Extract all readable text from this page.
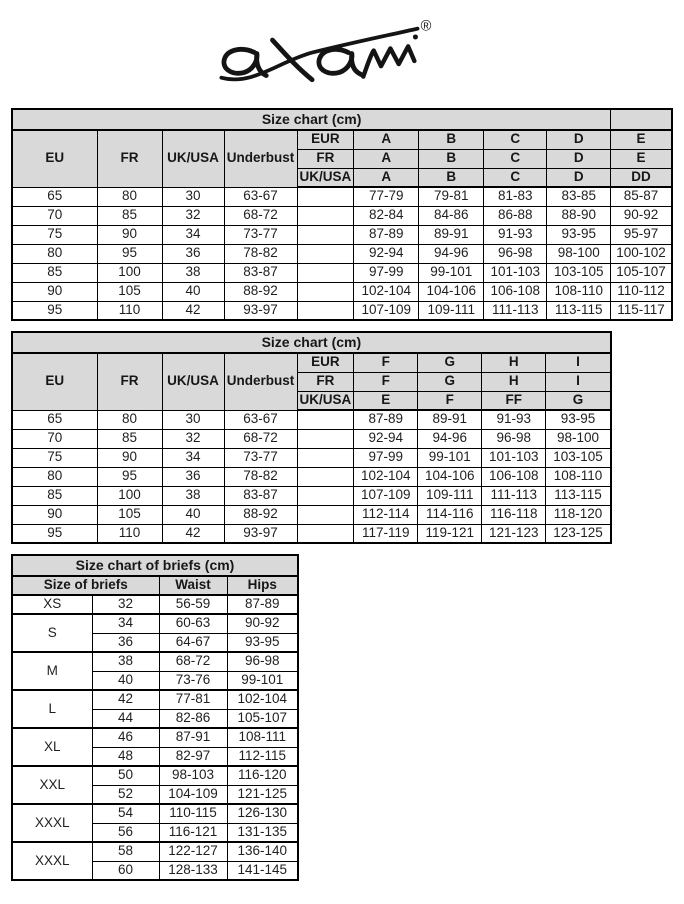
®
Size chart (cm)									
EU	FR	UK/USA	Underbust	EUR	A	B	C	D	E
				FR	A	B	C	D	E
				UK/USA	A	B	C	D	DD
65	80	30	63-67		77-79	79-81	81-83	83-85	85-87
70	85	32	68-72		82-84	84-86	86-88	88-90	90-92
75	90	34	73-77		87-89	89-91	91-93	93-95	95-97
80	95	36	78-82		92-94	94-96	96-98	98-100	100-102
85	100	38	83-87		97-99	99-101	101-103	103-105	105-107
90	105	40	88-92		102-104	104-106	106-108	108-110	110-112
95	110	42	93-97		107-109	109-111	111-113	113-115	115-117
Size chart (cm)								
EU	FR	UK/USA	Underbust	EUR	F	G	H	I
				FR	F	G	H	I
				UK/USA	E	F	FF	G
65	80	30	63-67		87-89	89-91	91-93	93-95
70	85	32	68-72		92-94	94-96	96-98	98-100
75	90	34	73-77		97-99	99-101	101-103	103-105
80	95	36	78-82		102-104	104-106	106-108	108-110
85	100	38	83-87		107-109	109-111	111-113	113-115
90	105	40	88-92		112-114	114-116	116-118	118-120
95	110	42	93-97		117-119	119-121	121-123	123-125
Size chart of briefs (cm)			
Size of briefs		Waist	Hips
XS	32	56-59	87-89
S	34	60-63	90-92
	36	64-67	93-95
M	38	68-72	96-98
	40	73-76	99-101
L	42	77-81	102-104
	44	82-86	105-107
XL	46	87-91	108-111
	48	82-97	112-115
XXL	50	98-103	116-120
	52	104-109	121-125
XXXL	54	110-115	126-130
	56	116-121	131-135
XXXL	58	122-127	136-140
	60	128-133	141-145
